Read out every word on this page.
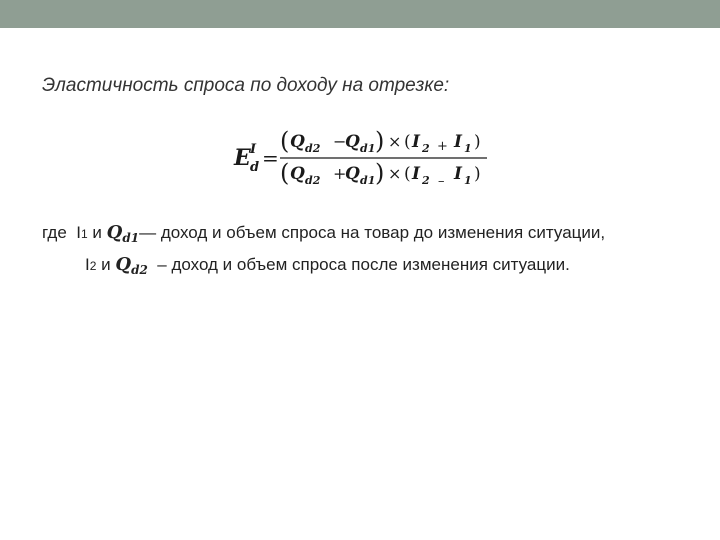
Эластичность спроса по доходу на отрезке:
E I
d =
( Q d2 −
Q d1 ) × ( I 2 + I 1 )
( Q d2 +
Q d1 ) × ( I 2 – I 1 )
где I1 и $Q_{d1}—$ доход и объем спроса на товар до изменения ситуации,
I2 и $Q_{d2}$ – доход и объем спроса после изменения ситуации.
